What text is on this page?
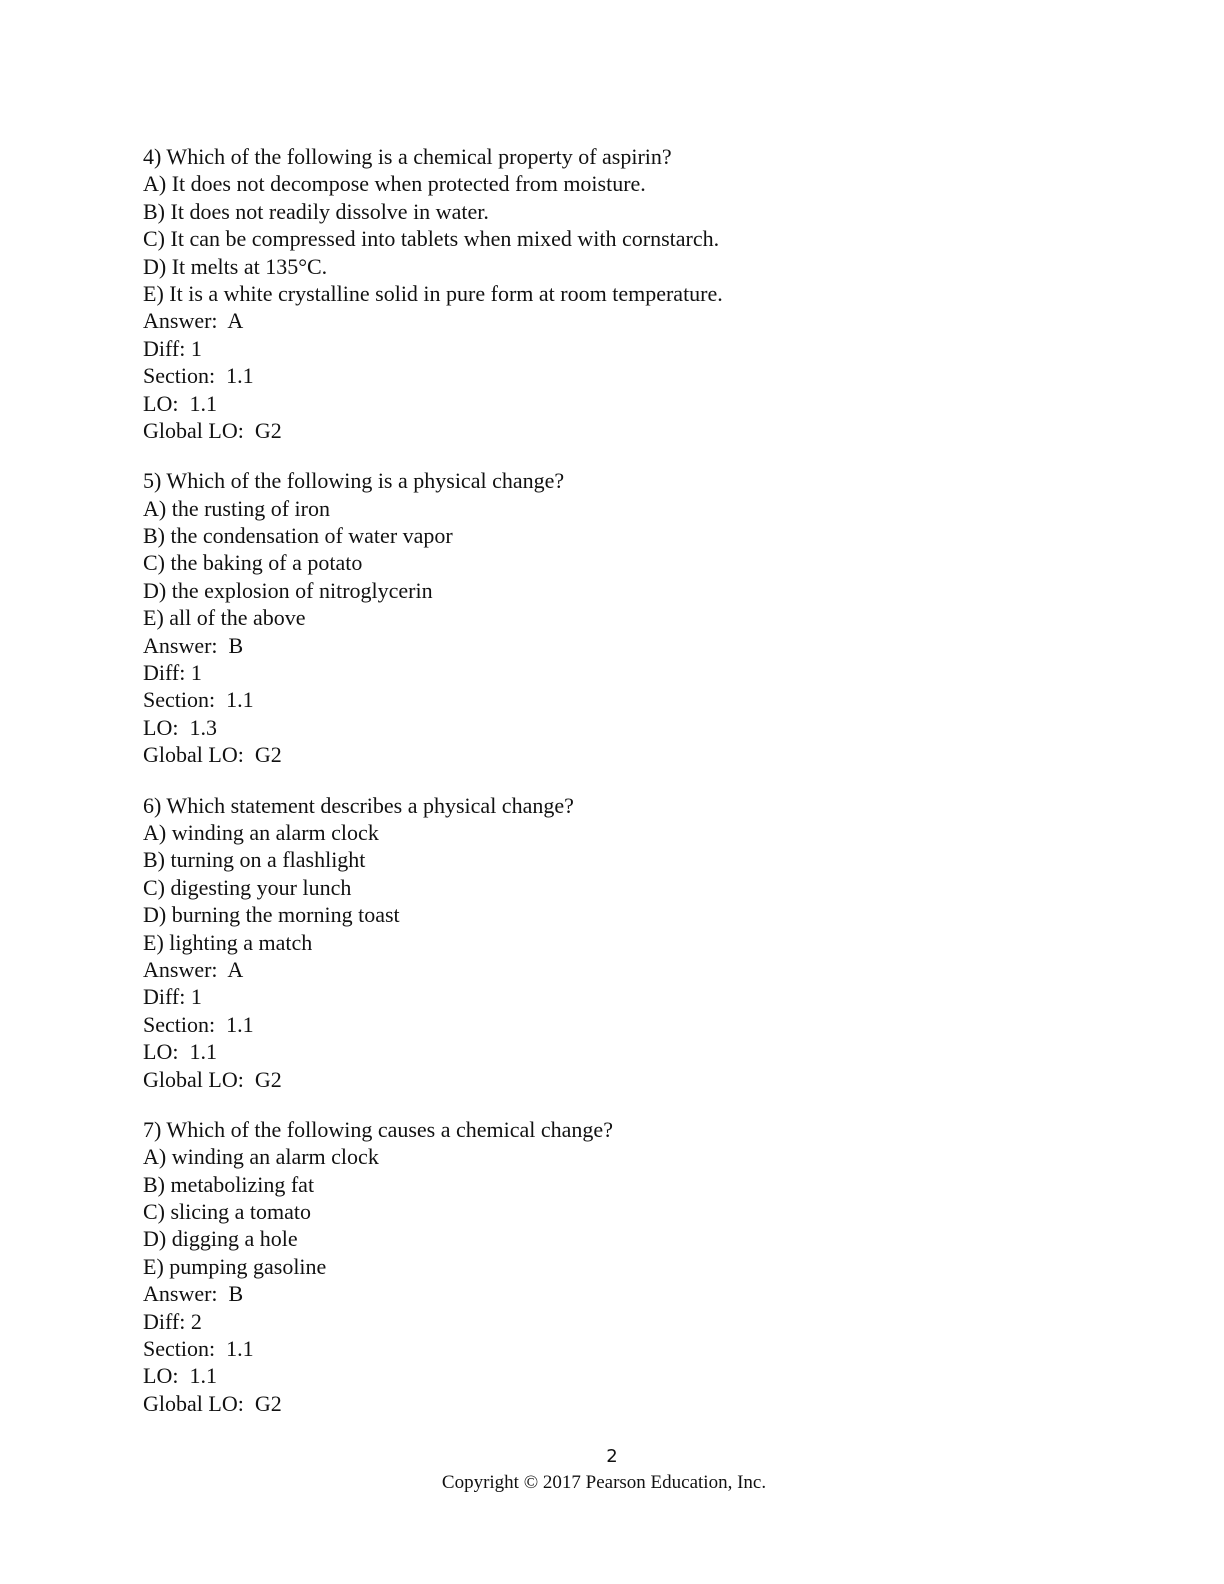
4) Which of the following is a chemical property of aspirin?
A) It does not decompose when protected from moisture.
B) It does not readily dissolve in water.
C) It can be compressed into tablets when mixed with cornstarch.
D) It melts at 135°C.
E) It is a white crystalline solid in pure form at room temperature.
Answer:  A
Diff: 1
Section:  1.1
LO:  1.1
Global LO:  G2
5) Which of the following is a physical change?
A) the rusting of iron
B) the condensation of water vapor
C) the baking of a potato
D) the explosion of nitroglycerin
E) all of the above
Answer:  B
Diff: 1
Section:  1.1
LO:  1.3
Global LO:  G2
6) Which statement describes a physical change?
A) winding an alarm clock
B) turning on a flashlight
C) digesting your lunch
D) burning the morning toast
E) lighting a match
Answer:  A
Diff: 1
Section:  1.1
LO:  1.1
Global LO:  G2
7) Which of the following causes a chemical change?
A) winding an alarm clock
B) metabolizing fat
C) slicing a tomato
D) digging a hole
E) pumping gasoline
Answer:  B
Diff: 2
Section:  1.1
LO:  1.1
Global LO:  G2
2
Copyright © 2017 Pearson Education, Inc.
